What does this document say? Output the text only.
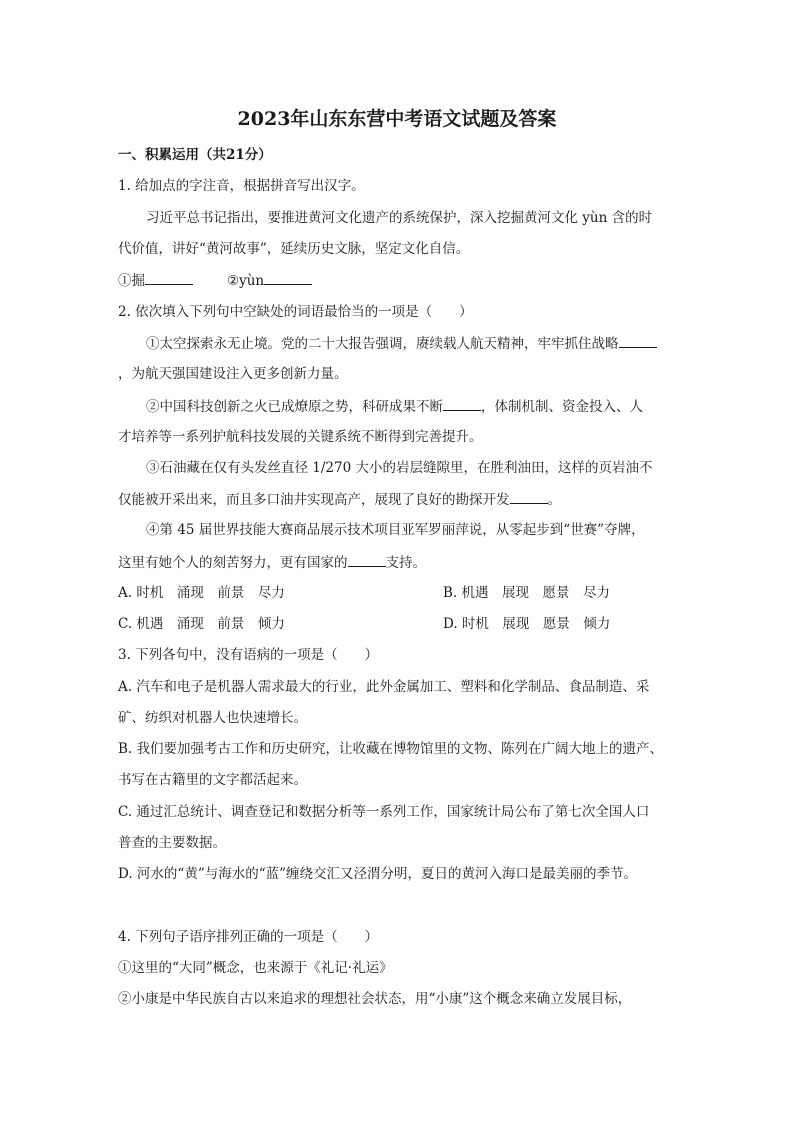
2023年山东东营中考语文试题及答案
一、积累运用（共21分）
1. 给加点的字注音，根据拼音写出汉字。
习近平总书记指出，要推进黄河文化遗产的系统保护，深入挖掘黄河文化 yùn 含的时
代价值，讲好“黄河故事”，延续历史文脉，坚定文化自信。
①掘	②yùn
2. 依次填入下列句中空缺处的词语最恰当的一项是（　　）
①太空探索永无止境。党的二十大报告强调，赓续载人航天精神，牢牢抓住战略
，为航天强国建设注入更多创新力量。
②中国科技创新之火已成燎原之势，科研成果不断	，体制机制、资金投入、人
才培养等一系列护航科技发展的关键系统不断得到完善提升。
③石油藏在仅有头发丝直径 1/270 大小的岩层缝隙里，在胜利油田，这样的页岩油不
仅能被开采出来，而且多口油井实现高产，展现了良好的勘探开发	。
④第 45 届世界技能大赛商品展示技术项目亚军罗丽萍说，从零起步到“世赛”夺牌，
这里有她个人的刻苦努力，更有国家的	支持。
A. 时机　涌现　前景　尽力	B. 机遇　展现　愿景　尽力
C. 机遇　涌现　前景　倾力	D. 时机　展现　愿景　倾力
3. 下列各句中，没有语病的一项是（　　）
A. 汽车和电子是机器人需求最大的行业，此外金属加工、塑料和化学制品、食品制造、采
矿、纺织对机器人也快速增长。
B. 我们要加强考古工作和历史研究，让收藏在博物馆里的文物、陈列在广阔大地上的遗产、
书写在古籍里的文字都活起来。
C. 通过汇总统计、调查登记和数据分析等一系列工作，国家统计局公布了第七次全国人口
普查的主要数据。
D. 河水的“黄”与海水的“蓝”缠绕交汇又泾渭分明，夏日的黄河入海口是最美丽的季节。
4. 下列句子语序排列正确的一项是（　　）
①这里的“大同”概念，也来源于《礼记·礼运》
②小康是中华民族自古以来追求的理想社会状态，用“小康”这个概念来确立发展目标，
